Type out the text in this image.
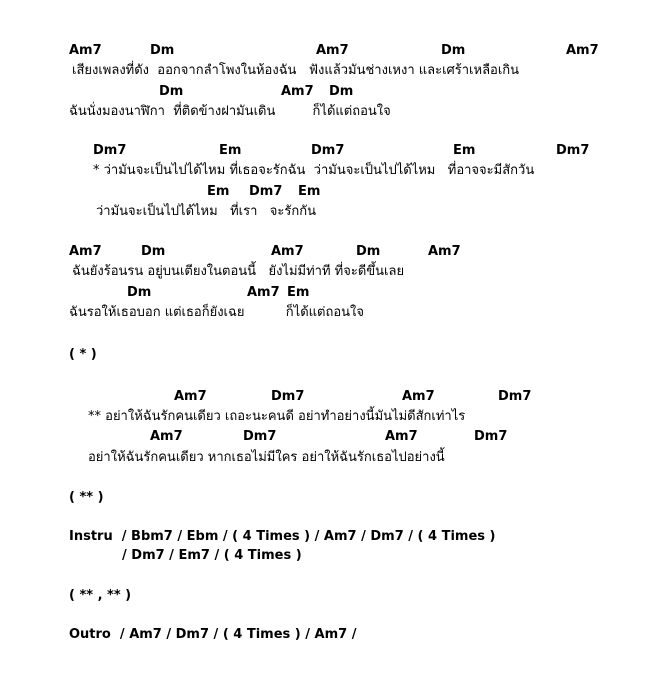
Am7

	Dm

	Am7

	Dm

	Am7

เสียงเพลงที่ดัง  ออกจากลำโพงในห้องฉัน   ฟังแล้วมันช่างเหงา และเศร้าเหลือเกิน

Dm

	Am7

Dm

ฉันนั่งมองนาฬิกา  ที่ติดข้างฝามันเดิน         ก็ได้แต่ถอนใจ

Dm7

	Em

	Dm7

	Em

	Dm7

* ว่ามันจะเป็นไปได้ไหม ที่เธอจะรักฉัน  ว่ามันจะเป็นไปได้ไหม   ที่อาจจะมีสักวัน

Em

Dm7

Em

ว่ามันจะเป็นไปได้ไหม   ที่เรา   จะรักกัน

Am7

	Dm

	Am7

	Dm

	Am7

ฉันยังร้อนรน อยู่บนเตียงในตอนนี้   ยังไม่มีท่าที ที่จะดีขึ้นเลย

Dm

	Am7

Em

ฉันรอให้เธอบอก แต่เธอก็ยังเฉย          ก็ได้แต่ถอนใจ
( * )

Am7

	Dm7

	Am7

	Dm7

** อย่าให้ฉันรักคนเดียว เถอะนะคนดี อย่าทำอย่างนี้มันไม่ดีสักเท่าไร

Am7

	Dm7

	Am7

	Dm7

อย่าให้ฉันรักคนเดียว หากเธอไม่มีใคร อย่าให้ฉันรักเธอไปอย่างนี้
( ** )
Instru  / Bbm7 / Ebm / ( 4 Times ) / Am7 / Dm7 / ( 4 Times )
/ Dm7 / Em7 / ( 4 Times )
( ** , ** )
Outro  / Am7 / Dm7 / ( 4 Times ) / Am7 /
